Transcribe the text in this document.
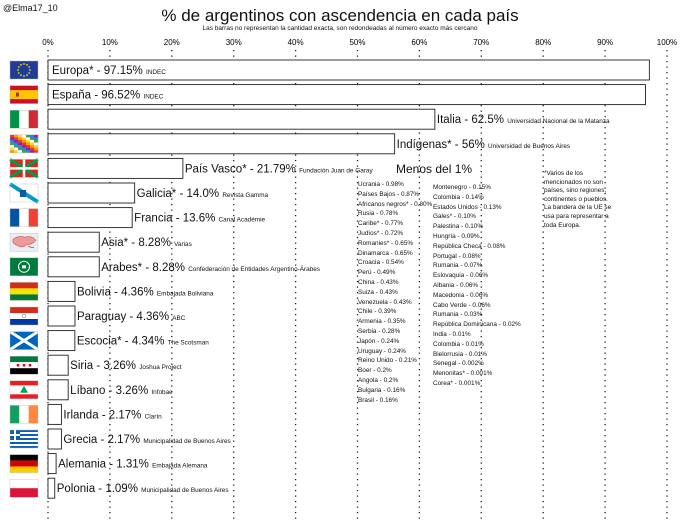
@Elma17_10	% de argentinos con ascendencia en cada país
Las barras no representan la cantidad exacta, son redondeadas al número exacto más cercano
0%	10%	20%	30%	40%	50%	60%	70%	80%	90%	100%
Europa* - 97.15% INDEC
España - 96.52% INDEC
Italia - 62.5% Universidad Nacional de la Matanza
Indígenas* - 56% Universidad de Buenos Aires
País Vasco* - 21.79% Fundación Juan de Garay
Galicia* - 14.0% Revista Gamma
Francia - 13.6% Canal Académie
Asia* - 8.28% Varias
Arabes* - 8.28% Confederación de Entidades Argentino-Árabes
Bolivia - 4.36% Embajada Boliviana
Paraguay - 4.36% ABC
Escocia* - 4.34% The Scotsman
Siria - 3.26% Joshua Project
Líbano - 3.26% Infobae
Irlanda - 2.17% Clarín
Grecia - 2.17% Municipalidad de Buenos Aires
Alemania - 1.31% Embajada Alemana
Polonia - 1.09% Municipalidad de Buenos Aires
Menos del 1%
Ucrania - 0.98%
Países Bajos - 0.87%
Africanos negros* - 0.80%
Rusia - 0.78%
Caribe* - 0.77%
Judíos* - 0.72%
Romanies* - 0.65%
Dinamarca - 0.65%
Croacia - 0.54%
Perú - 0.49%
China - 0.43%
Suiza - 0.43%
Venezuela - 0.43%
Chile - 0.39%
Armenia - 0.35%
Serbia - 0.28%
Japón - 0.24%
Uruguay - 0.24%
Reino Unido - 0.21%
Boer - 0.2%
Angola - 0.2%
Bulgaria - 0.16%
Brasil - 0.16%
Montenegro - 0.15%
Colombia - 0.14%
Estados Unidos - 0.13%
Gales* - 0.10%
Palestina - 0.10%
Hungría - 0.09%
República Checa - 0.08%
Portugal - 0.08%
Rumania - 0.07%
Eslovaquia - 0.06%
Albania - 0.06%
Macedonia - 0.06%
Cabo Verde - 0.06%
Rumania - 0.03%
República Dominicana - 0.02%
India - 0.01%
Colombia - 0.01%
Bielorrusia - 0.01%
Senegal - 0.002%
Menonitas* - 0.001%
Corea* - 0.001%
*Varios de los mencionados no son países, sino regiones, continentes o pueblos. La bandera de la UE se usa para representar a toda Europa.
